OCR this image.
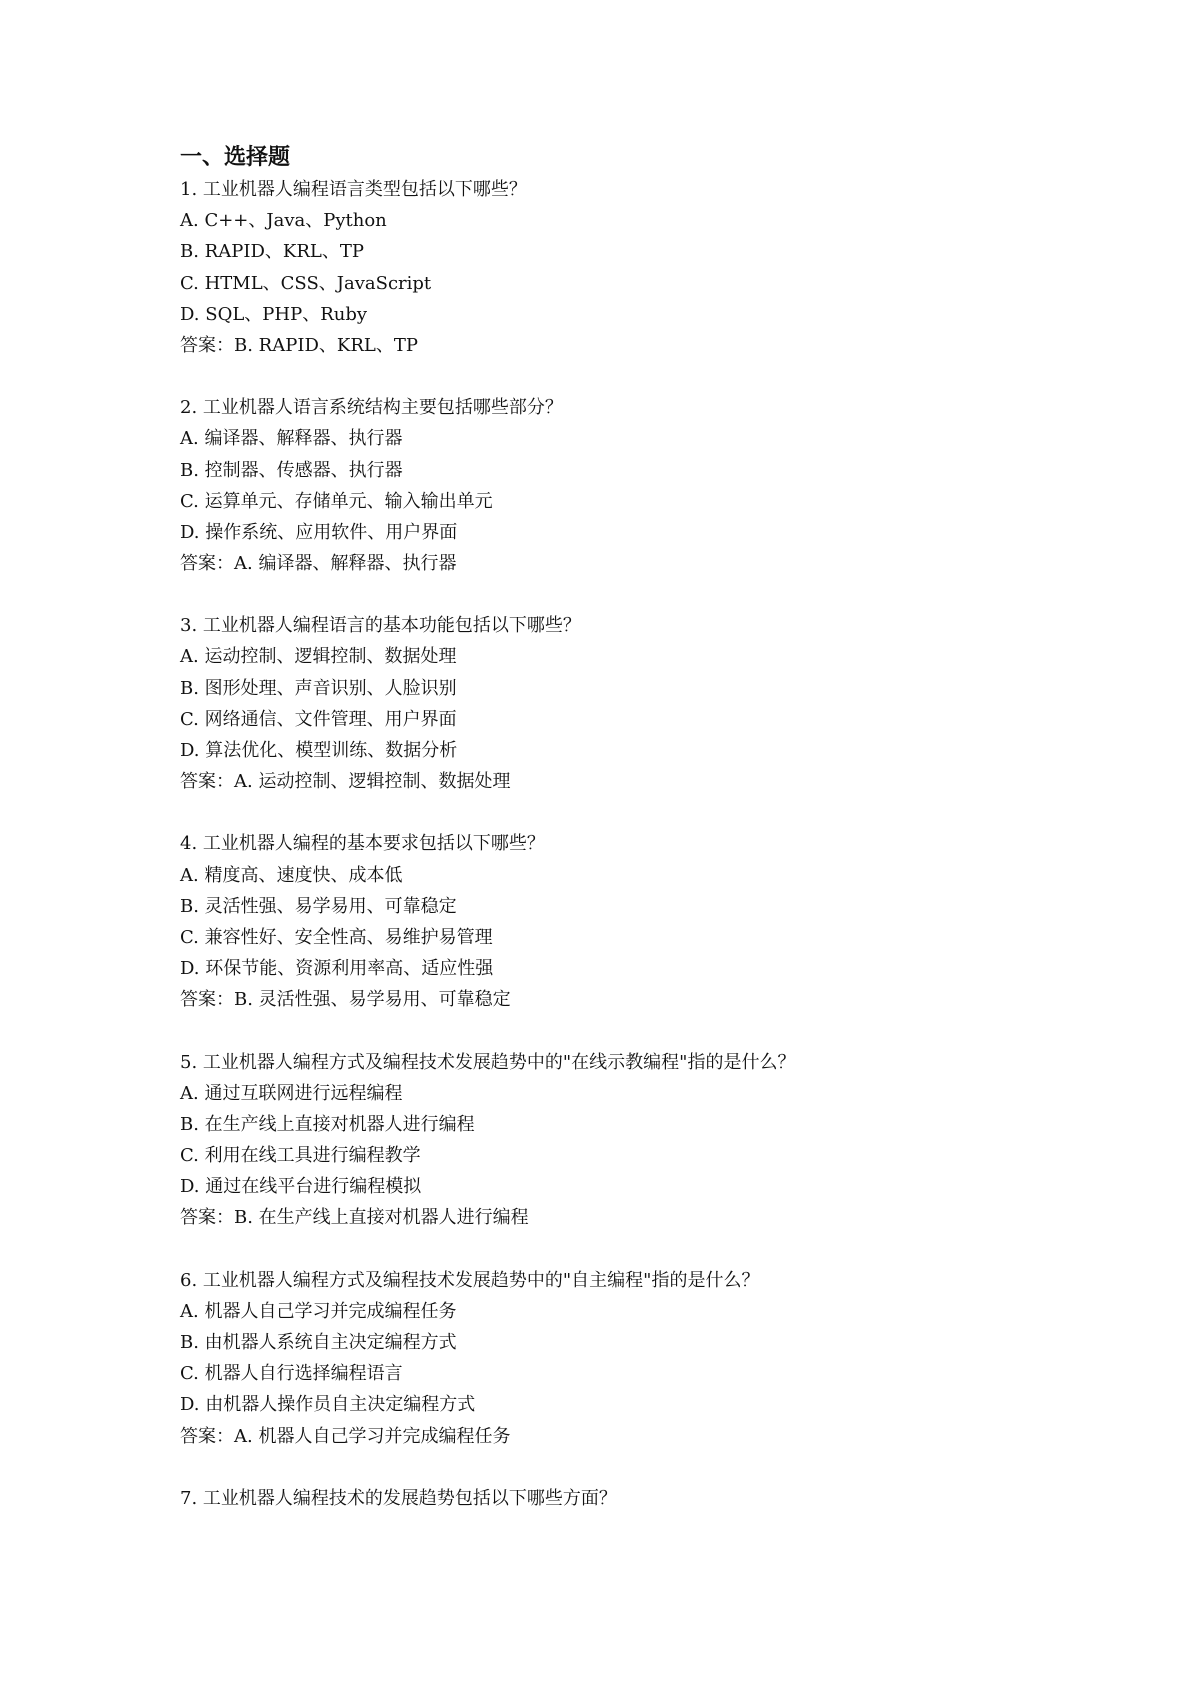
一、选择题
1. 工业机器人编程语言类型包括以下哪些？
A. C++、Java、Python
B. RAPID、KRL、TP
C. HTML、CSS、JavaScript
D. SQL、PHP、Ruby
答案：B. RAPID、KRL、TP
2. 工业机器人语言系统结构主要包括哪些部分？
A. 编译器、解释器、执行器
B. 控制器、传感器、执行器
C. 运算单元、存储单元、输入输出单元
D. 操作系统、应用软件、用户界面
答案：A. 编译器、解释器、执行器
3. 工业机器人编程语言的基本功能包括以下哪些？
A. 运动控制、逻辑控制、数据处理
B. 图形处理、声音识别、人脸识别
C. 网络通信、文件管理、用户界面
D. 算法优化、模型训练、数据分析
答案：A. 运动控制、逻辑控制、数据处理
4. 工业机器人编程的基本要求包括以下哪些？
A. 精度高、速度快、成本低
B. 灵活性强、易学易用、可靠稳定
C. 兼容性好、安全性高、易维护易管理
D. 环保节能、资源利用率高、适应性强
答案：B. 灵活性强、易学易用、可靠稳定
5. 工业机器人编程方式及编程技术发展趋势中的"在线示教编程"指的是什么？
A. 通过互联网进行远程编程
B. 在生产线上直接对机器人进行编程
C. 利用在线工具进行编程教学
D. 通过在线平台进行编程模拟
答案：B. 在生产线上直接对机器人进行编程
6. 工业机器人编程方式及编程技术发展趋势中的"自主编程"指的是什么？
A. 机器人自己学习并完成编程任务
B. 由机器人系统自主决定编程方式
C. 机器人自行选择编程语言
D. 由机器人操作员自主决定编程方式
答案：A. 机器人自己学习并完成编程任务
7. 工业机器人编程技术的发展趋势包括以下哪些方面？
